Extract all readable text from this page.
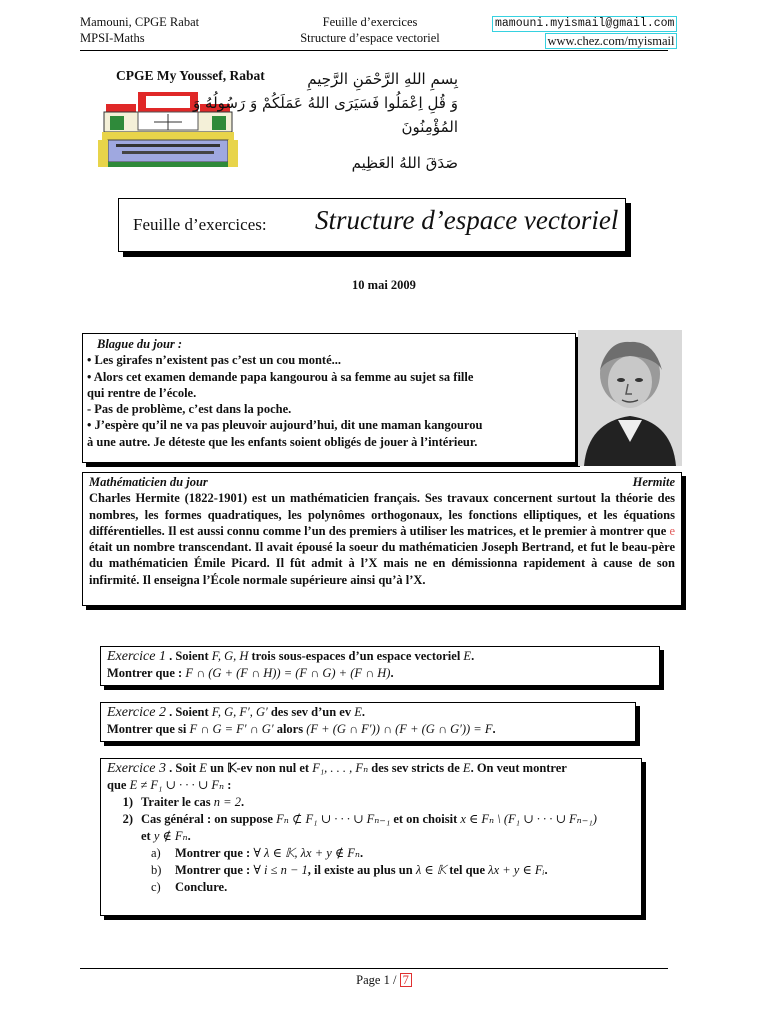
Mamouni, CPGE Rabat
MPSI-Maths
Feuille d’exercices
Structure d’espace vectoriel
mamouni.myismail@gmail.com
www.chez.com/myismail
CPGE My Youssef, Rabat	بِسمِ اللهِ الرَّحْمَنِ الرَّحِيمِ
وَ قُلِ اِعْمَلُوا فَسَيَرَى اللهُ عَمَلَكُمْ وَ رَسُولُهُ وَ
المُؤْمِنُونَ
صَدَقَ اللهُ العَظِيم
Feuille d’exercices: Structure d’espace vectoriel
10 mai 2009
Blague du jour :
• Les girafes n’existent pas c’est un cou monté...
• Alors cet examen demande papa kangourou à sa femme au sujet sa fille
qui rentre de l’école.
- Pas de problème, c’est dans la poche.
• J’espère qu’il ne va pas pleuvoir aujourd’hui, dit une maman kangourou
à une autre. Je déteste que les enfants soient obligés de jouer à l’intérieur.
Mathématicien du jour	Hermite
Charles Hermite (1822-1901) est un mathématicien français. Ses travaux concernent surtout la théorie des nombres, les formes quadratiques, les polynômes orthogonaux, les fonctions elliptiques, et les équations différentielles. Il est aussi connu comme l’un des premiers à utiliser les matrices, et le premier à montrer que e était un nombre transcendant. Il avait épousé la soeur du mathématicien Joseph Bertrand, et fut le beau-père du mathématicien Émile Picard. Il fût admit à l’X mais ne en démissionna rapidement à cause de son infirmité. Il enseigna l’École normale supérieure ainsi qu’à l’X.
Exercice 1 . Soient F, G, H trois sous-espaces d’un espace vectoriel E.
Montrer que : F ∩ (G + (F ∩ H)) = (F ∩ G) + (F ∩ H).
Exercice 2 . Soient F, G, F′, G′ des sev d’un ev E.
Montrer que si F ∩ G = F′ ∩ G′ alors (F + (G ∩ F′)) ∩ (F + (G ∩ G′)) = F.
Exercice 3 . Soit E un 𝕂-ev non nul et F₁, . . . , Fₙ des sev stricts de E. On veut montrer
que E ≠ F₁ ∪ · · · ∪ Fₙ :
1) Traiter le cas n = 2.
2) Cas général : on suppose Fₙ ⊄ F₁ ∪ · · · ∪ Fₙ₋₁ et on choisit x ∈ Fₙ \ (F₁ ∪ · · · ∪ Fₙ₋₁)
et y ∉ Fₙ.
a)	Montrer que : ∀ λ ∈ 𝕂, λx + y ∉ Fₙ.
b)	Montrer que : ∀ i ≤ n − 1, il existe au plus un λ ∈ 𝕂 tel que λx + y ∈ Fᵢ.
c)	Conclure.
Page 1 / 7
